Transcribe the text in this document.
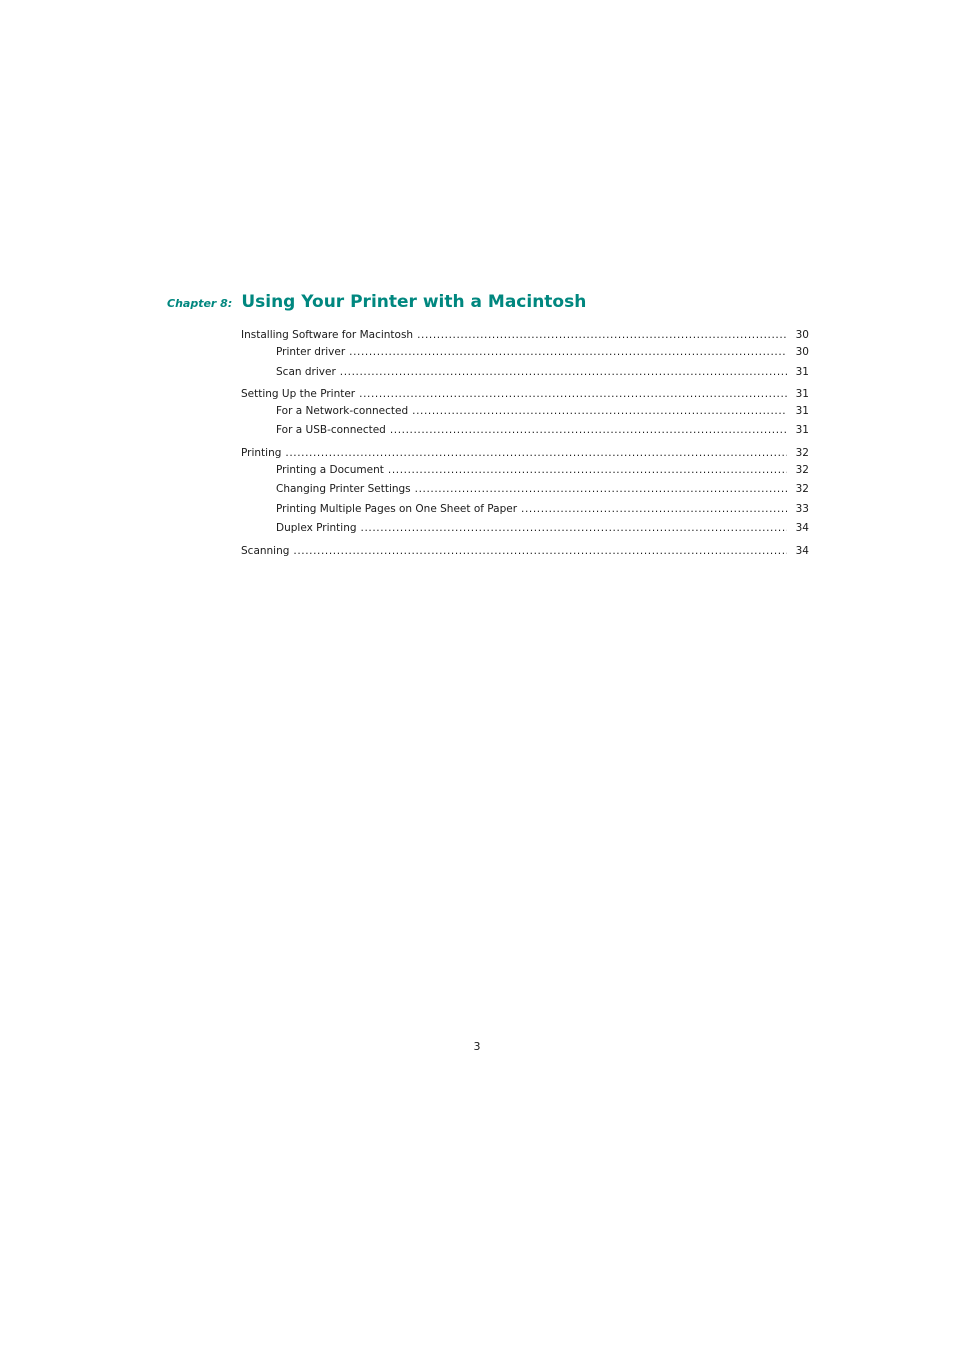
Chapter 8: Using Your Printer with a Macintosh
Installing Software for Macintosh .....	30
Printer driver .....	30
Scan driver .....	31
Setting Up the Printer .....	31
For a Network-connected .....	31
For a USB-connected .....	31
Printing .....	32
Printing a Document .....	32
Changing Printer Settings .....	32
Printing Multiple Pages on One Sheet of Paper .....	33
Duplex Printing .....	34
Scanning .....	34
3
